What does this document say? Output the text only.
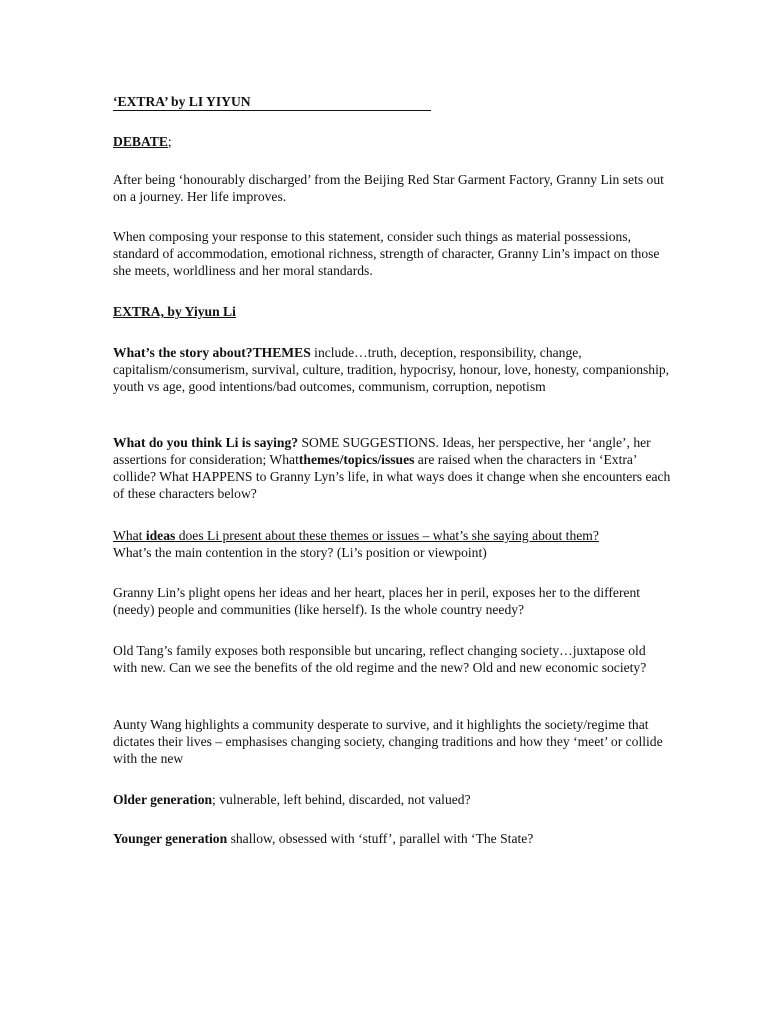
‘EXTRA’ by LI YIYUN

DEBATE;

After being ‘honourably discharged’ from the Beijing Red Star Garment Factory, Granny Lin sets out on a journey. Her life improves.

When composing your response to this statement, consider such things as material possessions, standard of accommodation, emotional richness, strength of character, Granny Lin’s impact on those she meets, worldliness and her moral standards.

EXTRA, by Yiyun Li

What’s the story about?THEMES include…truth, deception, responsibility, change, capitalism/consumerism, survival, culture, tradition, hypocrisy, honour, love, honesty, companionship, youth vs age, good intentions/bad outcomes, communism, corruption, nepotism

What do you think Li is saying? SOME SUGGESTIONS. Ideas, her perspective, her ‘angle’, her assertions for consideration; Whatthemes/topics/issues are raised when the characters in ‘Extra’ collide? What HAPPENS to Granny Lyn’s life, in what ways does it change when she encounters each of these characters below?

What ideas does Li present about these themes or issues – what’s she saying about them?
What’s the main contention in the story? (Li’s position or viewpoint)

Granny Lin’s plight opens her ideas and her heart, places her in peril, exposes her to the different (needy) people and communities (like herself). Is the whole country needy?

Old Tang’s family exposes both responsible but uncaring, reflect changing society…juxtapose old with new. Can we see the benefits of the old regime and the new? Old and new economic society?

Aunty Wang highlights a community desperate to survive, and it highlights the society/regime that dictates their lives – emphasises changing society, changing traditions and how they ‘meet’ or collide with the new

Older generation; vulnerable, left behind, discarded, not valued?

Younger generation shallow, obsessed with ‘stuff’, parallel with ‘The State?
